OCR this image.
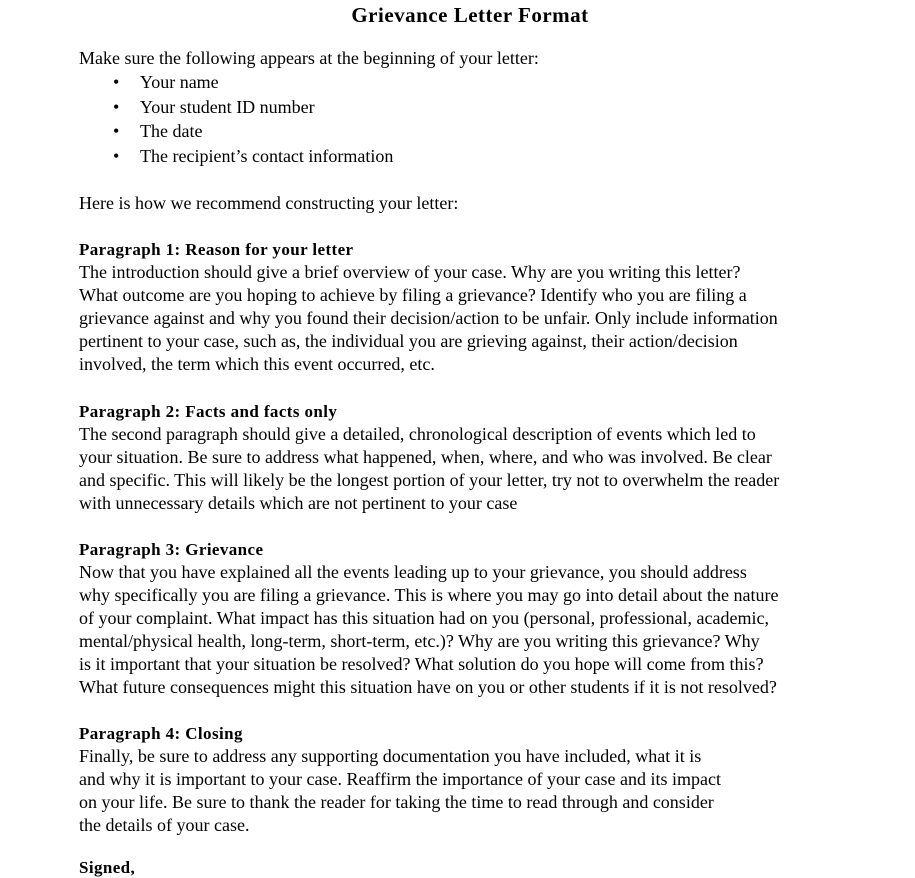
Grievance Letter Format
Make sure the following appears at the beginning of your letter:
• Your name
• Your student ID number
• The date
• The recipient’s contact information
Here is how we recommend constructing your letter:
Paragraph 1: Reason for your letter
The introduction should give a brief overview of your case. Why are you writing this letter?
What outcome are you hoping to achieve by filing a grievance? Identify who you are filing a
grievance against and why you found their decision/action to be unfair. Only include information
pertinent to your case, such as, the individual you are grieving against, their action/decision
involved, the term which this event occurred, etc.
Paragraph 2: Facts and facts only
The second paragraph should give a detailed, chronological description of events which led to
your situation. Be sure to address what happened, when, where, and who was involved. Be clear
and specific. This will likely be the longest portion of your letter, try not to overwhelm the reader
with unnecessary details which are not pertinent to your case
Paragraph 3: Grievance
Now that you have explained all the events leading up to your grievance, you should address
why specifically you are filing a grievance. This is where you may go into detail about the nature
of your complaint. What impact has this situation had on you (personal, professional, academic,
mental/physical health, long-term, short-term, etc.)? Why are you writing this grievance? Why
is it important that your situation be resolved? What solution do you hope will come from this?
What future consequences might this situation have on you or other students if it is not resolved?
Paragraph 4: Closing
Finally, be sure to address any supporting documentation you have included, what it is
and why it is important to your case. Reaffirm the importance of your case and its impact
on your life. Be sure to thank the reader for taking the time to read through and consider
the details of your case.
Signed,
